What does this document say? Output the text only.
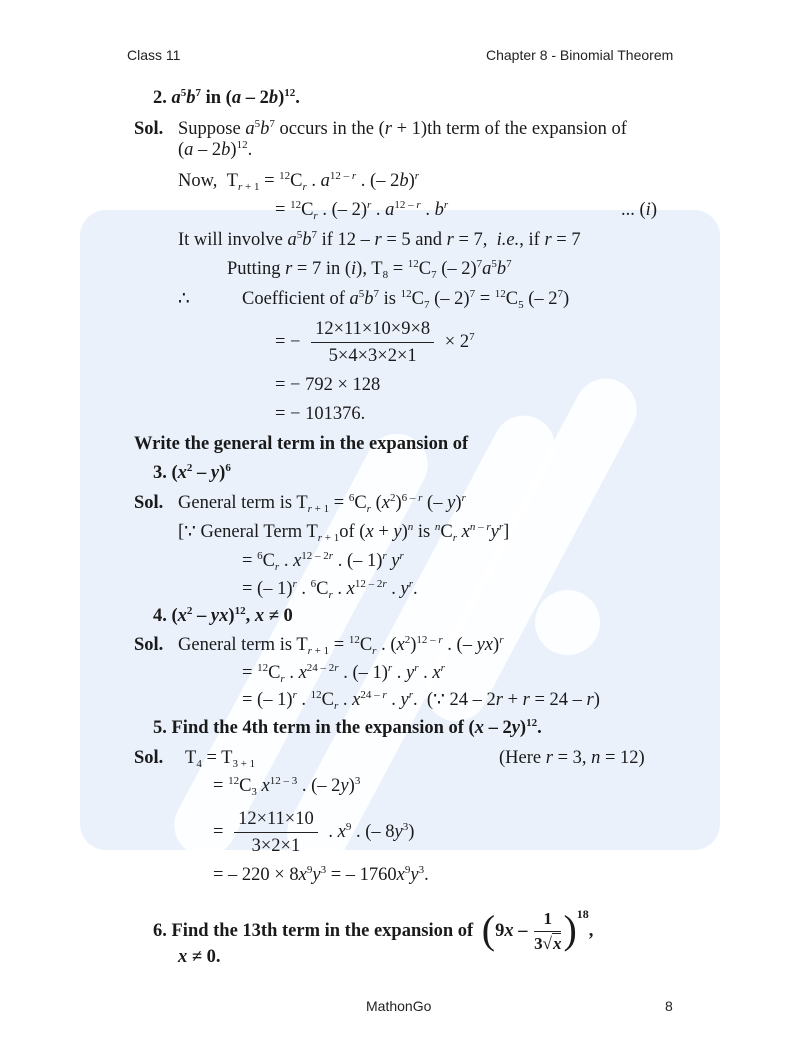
Class 11	Chapter 8 - Binomial Theorem
2. $a^5b^7$ in (a – 2b)$^{12}$.
Sol. Suppose $a^5b^7$ occurs in the (r + 1)th term of the expansion of
(a – 2b)$^{12}$.
Now,  $T_{r + 1} = ^{12}C_r$ . $a^{12 - r}$ . (– 2b)$^r$
= $^{12}C_r$ . (– 2)$^r$ . $a^{12 - r}$ . $b^r$	... (i)
It will involve $a^5b^7$ if 12 – r = 5 and r = 7,  i.e., if r = 7
Putting r = 7 in (i), $T_8 = ^{12}C_7$ (– $2)^7a^5b^7$
∴	Coefficient of $a^5b^7$ is $^{12}C_7$ (– $2)^7 = ^{12}C_5$ (– $2^7$)
= − $\frac{12\times 11\times 10\times 9\times 8}{5\times 4\times 3\times 2\times 1} \times 2^7$
= − 792 × 128
= − 101376.
Write the general term in the expansion of
3. $(x^2 - y)^6$
Sol. General term is $T_{r + 1} = ^6C_r$ $(x^2)^{6 - r}$ (– y)$^r$
[∵ General Term $T_{r + 1}of$ $(x + y)^n$ is $^nC_r$ $x^{n - r}y^r$]
= $^6C_r$ . $x^{12 - 2r}$ . (– 1)$^r$ $y^r$
= (– 1)$^r$ . $^6C_r$ . $x^{12 - 2r}$ . $y^r$.
4. $(x^2 - yx)^{12}$, x ≠ 0
Sol. General term is $T_{r + 1} = ^{12}C_r$ . $(x^2)^{12 - r}$ . (– yx)$^r$
= $^{12}C_r$ . $x^{24 - 2r}$ . (– 1)$^r$ . $y^r$ . $x^r$
= (– 1)$^r$ . $^{12}C_r$ . $x^{24 - r}$ . $y^r$.  (∵ 24 – 2r + r = 24 – r)
5. Find the 4th term in the expansion of (x – 2y)$^{12}$.
Sol. $T_4 = T_{3 + 1}$	(Here r = 3, n = 12)
= $^{12}C_3$ $x^{12 - 3}$ . (– 2y)$^3$
= $\frac{12\times 11\times 10}{3\times 2\times 1}$ . $x^9$ . (– $8y^3$)
= – $220 \times 8x^9y^3$ = – $1760x^9y^3$.
6. Find the 13th term in the expansion of $(9x - \frac{1}{3√x} )^{18}$,
x ≠ 0.
MathonGo	8
